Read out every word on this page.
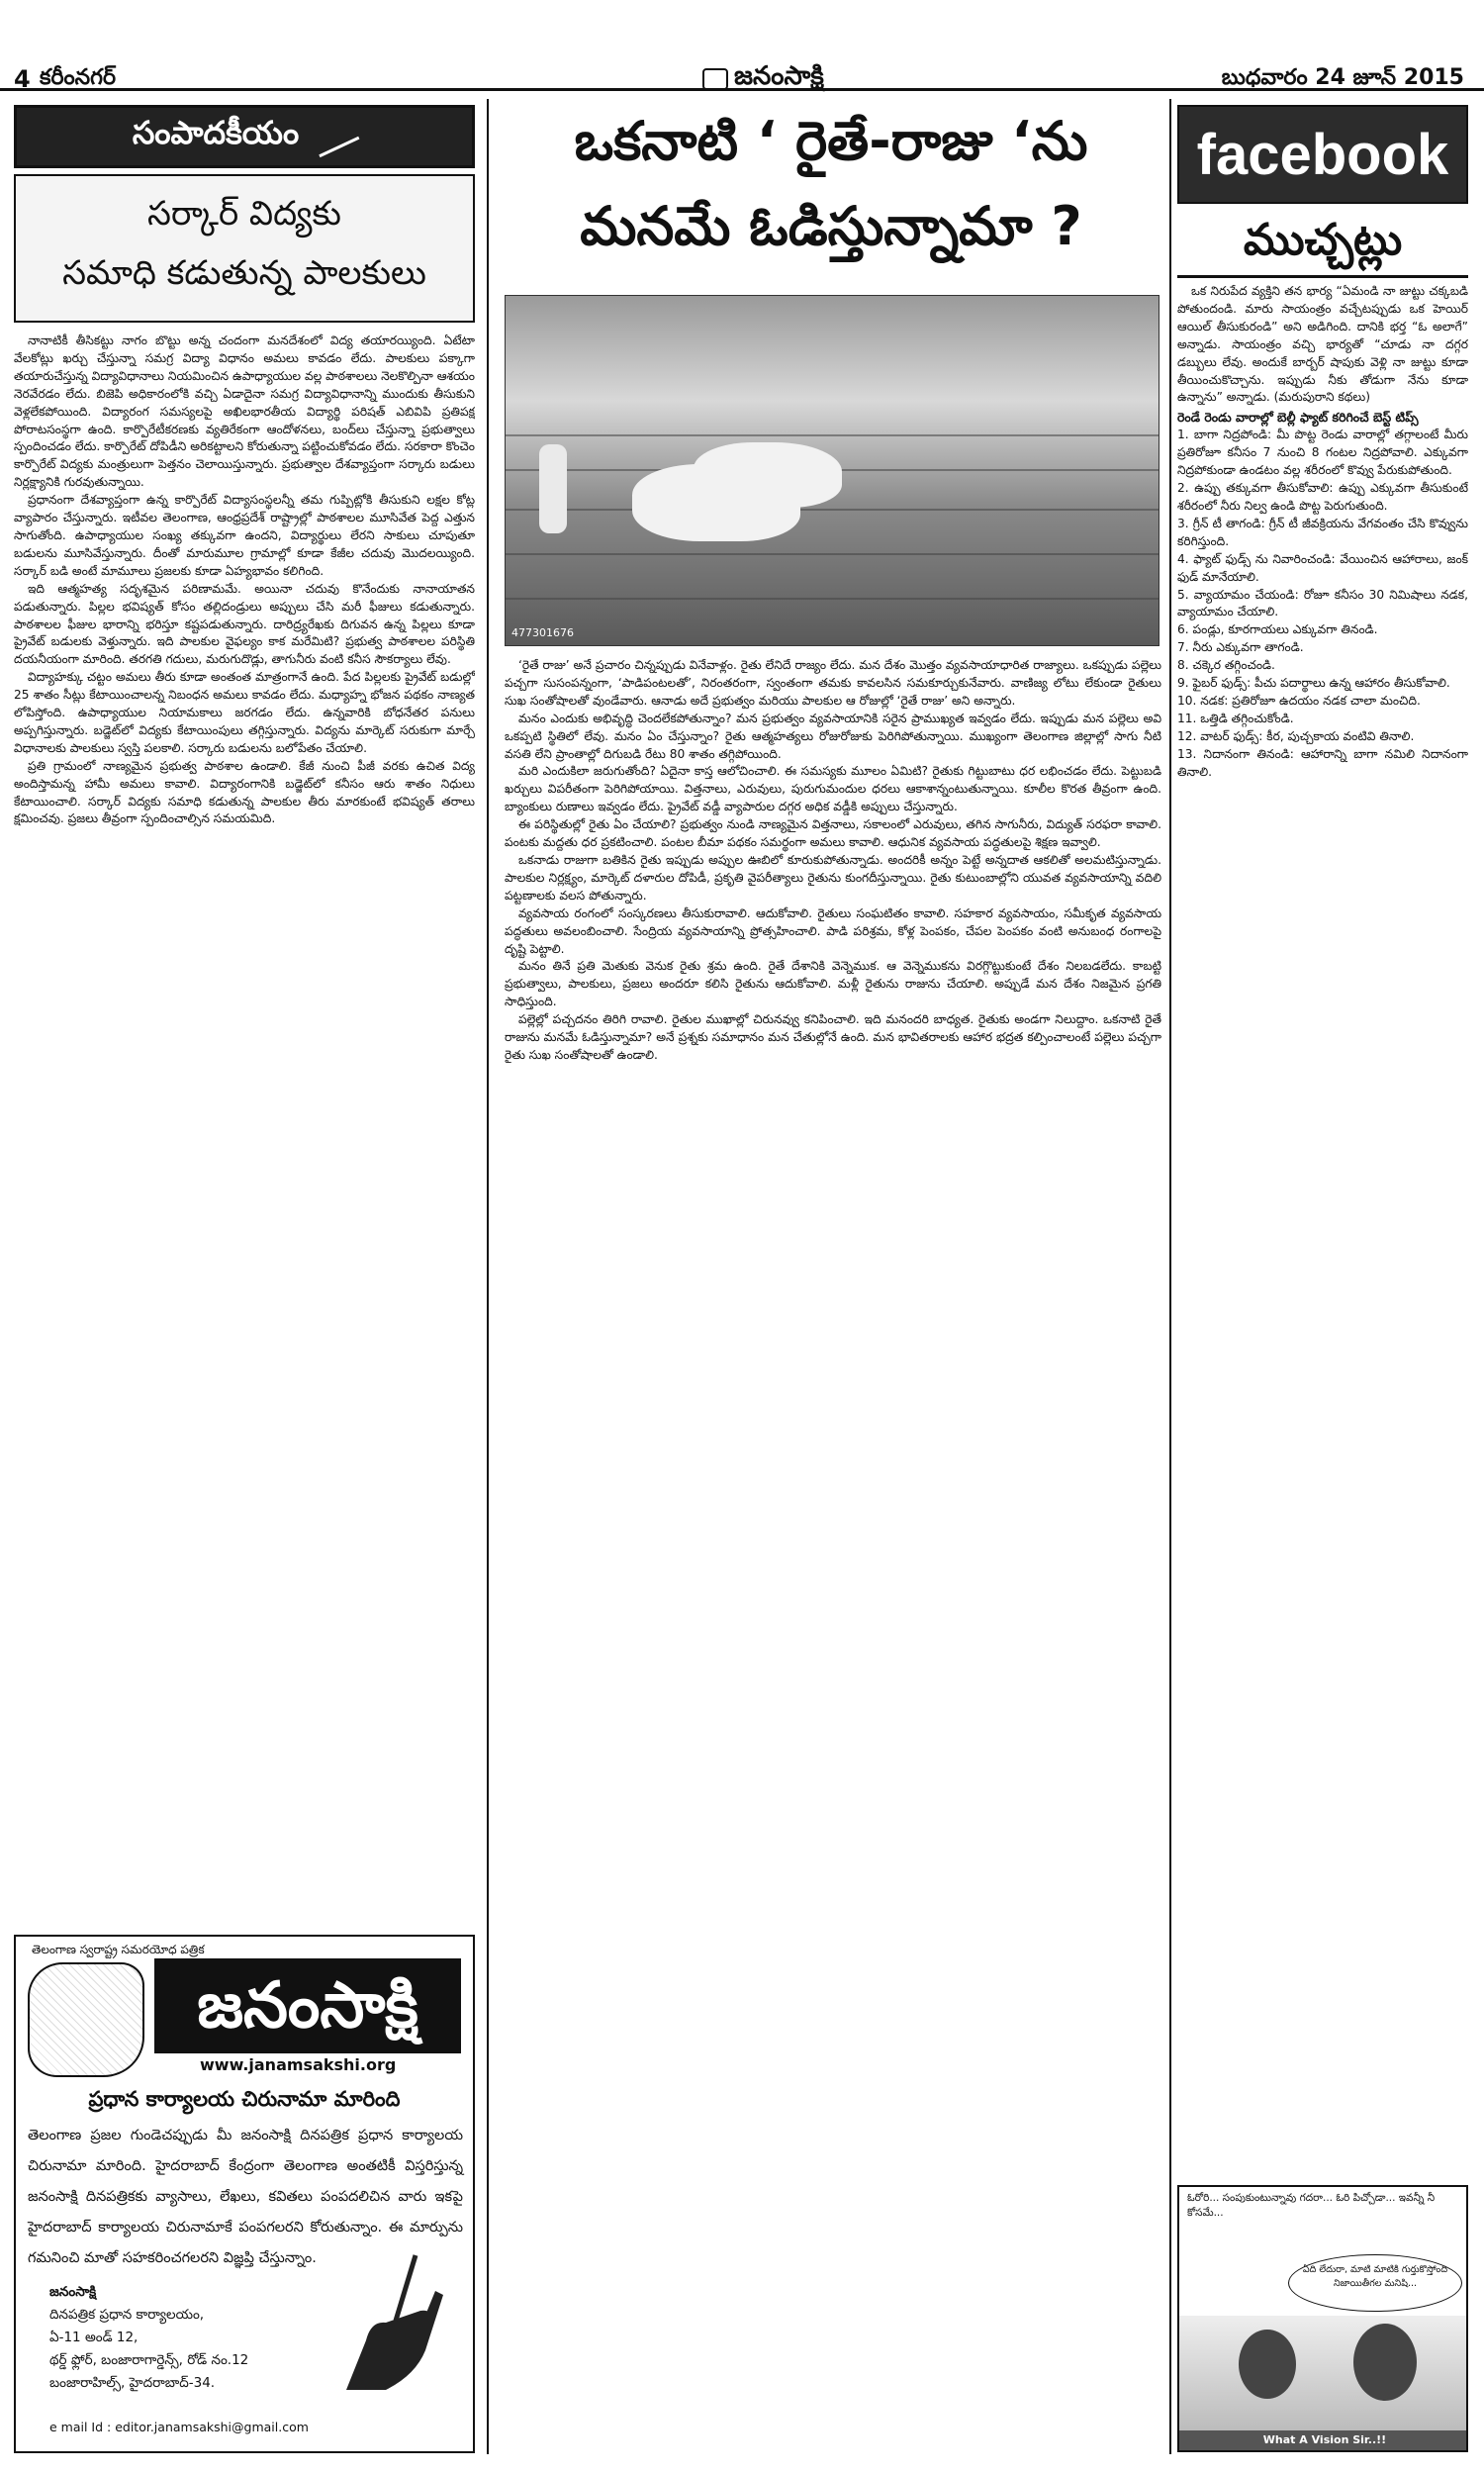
4 కరీంనగర్	జనంసాక్షి	బుధవారం 24 జూన్ 2015
సంపాదకీయం
సర్కార్ విద్యకు
సమాధి కడుతున్న పాలకులు

నానాటికీ తీసికట్టు నాగం బొట్టు అన్న చందంగా మనదేశంలో విద్య తయారయ్యింది. ఏటేటా వేలకోట్లు ఖర్చు చేస్తున్నా సమగ్ర విద్యా విధానం అమలు కావడం లేదు. పాలకులు పక్కాగా తయారుచేస్తున్న విద్యావిధానాలు నియమించిన ఉపాధ్యాయుల వల్ల పాఠశాలలు నెలకొల్పినా ఆశయం నెరవేరడం లేదు. బిజెపి అధికారంలోకి వచ్చి ఏడాదైనా సమగ్ర విద్యావిధానాన్ని ముందుకు తీసుకుని వెళ్లలేకపోయింది. విద్యారంగ సమస్యలపై అఖిలభారతీయ విద్యార్థి పరిషత్ ఎబివిపి ప్రతిపక్ష పోరాటసంస్థగా ఉంది. కార్పొరేటీకరణకు వ్యతిరేకంగా ఆందోళనలు, బంద్‌లు చేస్తున్నా ప్రభుత్వాలు స్పందించడం లేదు. కార్పొరేట్ దోపిడీని అరికట్టాలని కోరుతున్నా పట్టించుకోవడం లేదు. సరకారా కొంచెం కార్పొరేట్ విద్యకు మంత్రులుగా పెత్తనం చెలాయిస్తున్నారు. ప్రభుత్వాల దేశవ్యాప్తంగా సర్కారు బడులు నిర్లక్ష్యానికి గురవుతున్నాయి.

ప్రధానంగా దేశవ్యాప్తంగా ఉన్న కార్పొరేట్ విద్యాసంస్థలన్నీ తమ గుప్పిట్లోకి తీసుకుని లక్షల కోట్ల వ్యాపారం చేస్తున్నారు. ఇటీవల తెలంగాణ, ఆంధ్రప్రదేశ్ రాష్ట్రాల్లో పాఠశాలల మూసివేత పెద్ద ఎత్తున సాగుతోంది. ఉపాధ్యాయుల సంఖ్య తక్కువగా ఉందని, విద్యార్థులు లేరని సాకులు చూపుతూ బడులను మూసివేస్తున్నారు. దీంతో మారుమూల గ్రామాల్లో కూడా కేజీల చదువు మొదలయ్యింది. సర్కార్ బడి అంటే మామూలు ప్రజలకు కూడా ఏహ్యభావం కలిగింది.

ఇది ఆత్మహత్య సదృశమైన పరిణామమే. అయినా చదువు కొనేందుకు నానాయాతన పడుతున్నారు. పిల్లల భవిష్యత్ కోసం తల్లిదండ్రులు అప్పులు చేసి మరీ ఫీజులు కడుతున్నారు. పాఠశాలల ఫీజుల భారాన్ని భరిస్తూ కష్టపడుతున్నారు. దారిద్ర్యరేఖకు దిగువన ఉన్న పిల్లలు కూడా ప్రైవేట్ బడులకు వెళ్తున్నారు. ఇది పాలకుల వైఫల్యం కాక మరేమిటి? ప్రభుత్వ పాఠశాలల పరిస్థితి దయనీయంగా మారింది. తరగతి గదులు, మరుగుదొడ్లు, తాగునీరు వంటి కనీస సౌకర్యాలు లేవు.

విద్యాహక్కు చట్టం అమలు తీరు కూడా అంతంత మాత్రంగానే ఉంది. పేద పిల్లలకు ప్రైవేట్ బడుల్లో 25 శాతం సీట్లు కేటాయించాలన్న నిబంధన అమలు కావడం లేదు. మధ్యాహ్న భోజన పథకం నాణ్యత లోపిస్తోంది. ఉపాధ్యాయుల నియామకాలు జరగడం లేదు. ఉన్నవారికి బోధనేతర పనులు అప్పగిస్తున్నారు. బడ్జెట్‌లో విద్యకు కేటాయింపులు తగ్గిస్తున్నారు. విద్యను మార్కెట్ సరుకుగా మార్చే విధానాలకు పాలకులు స్వస్తి పలకాలి. సర్కారు బడులను బలోపేతం చేయాలి.

ప్రతి గ్రామంలో నాణ్యమైన ప్రభుత్వ పాఠశాల ఉండాలి. కేజీ నుంచి పీజీ వరకు ఉచిత విద్య అందిస్తామన్న హామీ అమలు కావాలి. విద్యారంగానికి బడ్జెట్‌లో కనీసం ఆరు శాతం నిధులు కేటాయించాలి. సర్కార్ విద్యకు సమాధి కడుతున్న పాలకుల తీరు మారకుంటే భవిష్యత్ తరాలు క్షమించవు. ప్రజలు తీవ్రంగా స్పందించాల్సిన సమయమిది.

తెలంగాణ స్వరాష్ట్ర సమరయోధ పత్రిక
జనంసాక్షి
www.janamsakshi.org
ప్రధాన కార్యాలయ చిరునామా మారింది
తెలంగాణ ప్రజల గుండెచప్పుడు మీ జనంసాక్షి దినపత్రిక ప్రధాన కార్యాలయ చిరునామా మారింది. హైదరాబాద్ కేంద్రంగా తెలంగాణ అంతటికీ విస్తరిస్తున్న జనంసాక్షి దినపత్రికకు వ్యాసాలు, లేఖలు, కవితలు పంపదలిచిన వారు ఇకపై హైదరాబాద్ కార్యాలయ చిరునామాకే పంపగలరని కోరుతున్నాం. ఈ మార్పును గమనించి మాతో సహకరించగలరని విజ్ఞప్తి చేస్తున్నాం.
జనంసాక్షి
దినపత్రిక ప్రధాన కార్యాలయం,
ఏ-11 అండ్ 12,
థర్డ్ ఫ్లోర్, బంజారాగార్డెన్స్, రోడ్ నం.12
బంజారాహిల్స్, హైదరాబాద్-34.
e mail Id : editor.janamsakshi@gmail.com
ఒకనాటి ‘ రైతే-రాజు ‘ను
మనమే ఓడిస్తున్నామా ?
477301676

‘రైతే రాజు’ అనే ప్రచారం చిన్నప్పుడు వినేవాళ్లం. రైతు లేనిదే రాజ్యం లేదు. మన దేశం మొత్తం వ్యవసాయాధారిత రాజ్యాలు. ఒకప్పుడు పల్లెలు పచ్చగా సుసంపన్నంగా, ‘పాడిపంటలతో’, నిరంతరంగా, స్వంతంగా తమకు కావలసిన సమకూర్చుకునేవారు. వాణిజ్య లోటు లేకుండా రైతులు సుఖ సంతోషాలతో వుండేవారు. ఆనాడు అదే ప్రభుత్వం మరియు పాలకుల ఆ రోజుల్లో ‘రైతే రాజు’ అని అన్నారు.

మనం ఎందుకు అభివృద్ధి చెందలేకపోతున్నాం? మన ప్రభుత్వం వ్యవసాయానికి సరైన ప్రాముఖ్యత ఇవ్వడం లేదు. ఇప్పుడు మన పల్లెలు అవి ఒకప్పటి స్థితిలో లేవు. మనం ఏం చేస్తున్నాం? రైతు ఆత్మహత్యలు రోజురోజుకు పెరిగిపోతున్నాయి. ముఖ్యంగా తెలంగాణ జిల్లాల్లో సాగు నీటి వసతి లేని ప్రాంతాల్లో దిగుబడి రేటు 80 శాతం తగ్గిపోయింది.

మరి ఎందుకిలా జరుగుతోంది? ఏదైనా కాస్త ఆలోచించాలి. ఈ సమస్యకు మూలం ఏమిటి? రైతుకు గిట్టుబాటు ధర లభించడం లేదు. పెట్టుబడి ఖర్చులు విపరీతంగా పెరిగిపోయాయి. విత్తనాలు, ఎరువులు, పురుగుమందుల ధరలు ఆకాశాన్నంటుతున్నాయి. కూలీల కొరత తీవ్రంగా ఉంది. బ్యాంకులు రుణాలు ఇవ్వడం లేదు. ప్రైవేట్ వడ్డీ వ్యాపారుల దగ్గర అధిక వడ్డీకి అప్పులు చేస్తున్నారు.

ఈ పరిస్థితుల్లో రైతు ఏం చేయాలి? ప్రభుత్వం నుండి నాణ్యమైన విత్తనాలు, సకాలంలో ఎరువులు, తగిన సాగునీరు, విద్యుత్ సరఫరా కావాలి. పంటకు మద్దతు ధర ప్రకటించాలి. పంటల బీమా పథకం సమర్థంగా అమలు కావాలి. ఆధునిక వ్యవసాయ పద్ధతులపై శిక్షణ ఇవ్వాలి.

ఒకనాడు రాజుగా బతికిన రైతు ఇప్పుడు అప్పుల ఊబిలో కూరుకుపోతున్నాడు. అందరికీ అన్నం పెట్టే అన్నదాత ఆకలితో అలమటిస్తున్నాడు. పాలకుల నిర్లక్ష్యం, మార్కెట్ దళారుల దోపిడీ, ప్రకృతి వైపరీత్యాలు రైతును కుంగదీస్తున్నాయి. రైతు కుటుంబాల్లోని యువత వ్యవసాయాన్ని వదిలి పట్టణాలకు వలస పోతున్నారు.

వ్యవసాయ రంగంలో సంస్కరణలు తీసుకురావాలి. ఆదుకోవాలి. రైతులు సంఘటితం కావాలి. సహకార వ్యవసాయం, సమీకృత వ్యవసాయ పద్ధతులు అవలంబించాలి. సేంద్రియ వ్యవసాయాన్ని ప్రోత్సహించాలి. పాడి పరిశ్రమ, కోళ్ల పెంపకం, చేపల పెంపకం వంటి అనుబంధ రంగాలపై దృష్టి పెట్టాలి.

మనం తినే ప్రతి మెతుకు వెనుక రైతు శ్రమ ఉంది. రైతే దేశానికి వెన్నెముక. ఆ వెన్నెముకను విరగ్గొట్టుకుంటే దేశం నిలబడలేదు. కాబట్టి ప్రభుత్వాలు, పాలకులు, ప్రజలు అందరూ కలిసి రైతును ఆదుకోవాలి. మళ్లీ రైతును రాజును చేయాలి. అప్పుడే మన దేశం నిజమైన ప్రగతి సాధిస్తుంది.

పల్లెల్లో పచ్చదనం తిరిగి రావాలి. రైతుల ముఖాల్లో చిరునవ్వు కనిపించాలి. ఇది మనందరి బాధ్యత. రైతుకు అండగా నిలుద్దాం. ఒకనాటి రైతే రాజును మనమే ఓడిస్తున్నామా? అనే ప్రశ్నకు సమాధానం మన చేతుల్లోనే ఉంది. మన భావితరాలకు ఆహార భద్రత కల్పించాలంటే పల్లెలు పచ్చగా రైతు సుఖ సంతోషాలతో ఉండాలి.

facebook
ముచ్చట్లు

ఒక నిరుపేద వ్యక్తిని తన భార్య “ఏమండి నా జుట్టు చక్కబడి పోతుందండి. మారు సాయంత్రం వచ్చేటప్పుడు ఒక హెయిర్ ఆయిల్ తీసుకురండి” అని అడిగింది. దానికి భర్త “ఓ అలాగే” అన్నాడు. సాయంత్రం వచ్చి భార్యతో “చూడు నా దగ్గర డబ్బులు లేవు. అందుకే బార్బర్ షాపుకు వెళ్లి నా జుట్టు కూడా తీయించుకొచ్చాను. ఇప్పుడు నీకు తోడుగా నేను కూడా ఉన్నాను” అన్నాడు. (మరుపురాని కథలు)

రెండే రెండు వారాల్లో బెల్లీ ఫ్యాట్ కరిగించే బెస్ట్ టిప్స్
1. బాగా నిద్రపోండి: మీ పొట్ట రెండు వారాల్లో తగ్గాలంటే మీరు ప్రతిరోజూ కనీసం 7 నుంచి 8 గంటల నిద్రపోవాలి. ఎక్కువగా నిద్రపోకుండా ఉండటం వల్ల శరీరంలో కొవ్వు పేరుకుపోతుంది.
2. ఉప్పు తక్కువగా తీసుకోవాలి: ఉప్పు ఎక్కువగా తీసుకుంటే శరీరంలో నీరు నిల్వ ఉండి పొట్ట పెరుగుతుంది.
3. గ్రీన్ టీ తాగండి: గ్రీన్ టీ జీవక్రియను వేగవంతం చేసి కొవ్వును కరిగిస్తుంది.
4. ఫ్యాట్ ఫుడ్స్ ను నివారించండి: వేయించిన ఆహారాలు, జంక్ ఫుడ్ మానేయాలి.
5. వ్యాయామం చేయండి: రోజూ కనీసం 30 నిమిషాలు నడక, వ్యాయామం చేయాలి.
6. పండ్లు, కూరగాయలు ఎక్కువగా తినండి.
7. నీరు ఎక్కువగా తాగండి.
8. చక్కెర తగ్గించండి.
9. ఫైబర్ ఫుడ్స్: పీచు పదార్థాలు ఉన్న ఆహారం తీసుకోవాలి.
10. నడక: ప్రతిరోజూ ఉదయం నడక చాలా మంచిది.
11. ఒత్తిడి తగ్గించుకోండి.
12. వాటర్ ఫుడ్స్: కీర, పుచ్చకాయ వంటివి తినాలి.
13. నిదానంగా తినండి: ఆహారాన్ని బాగా నమిలి నిదానంగా తినాలి.
ఓరోరి... సంపుకుంటున్నావు గదరా... ఓరి పిచ్చోడా... ఇవన్నీ నీ కోసమే...
ఏది లేదురా, మాటి మాటికి గుర్తుకొస్తోంది నిజాయితీగల మనిషి...
What A Vision Sir..!!
